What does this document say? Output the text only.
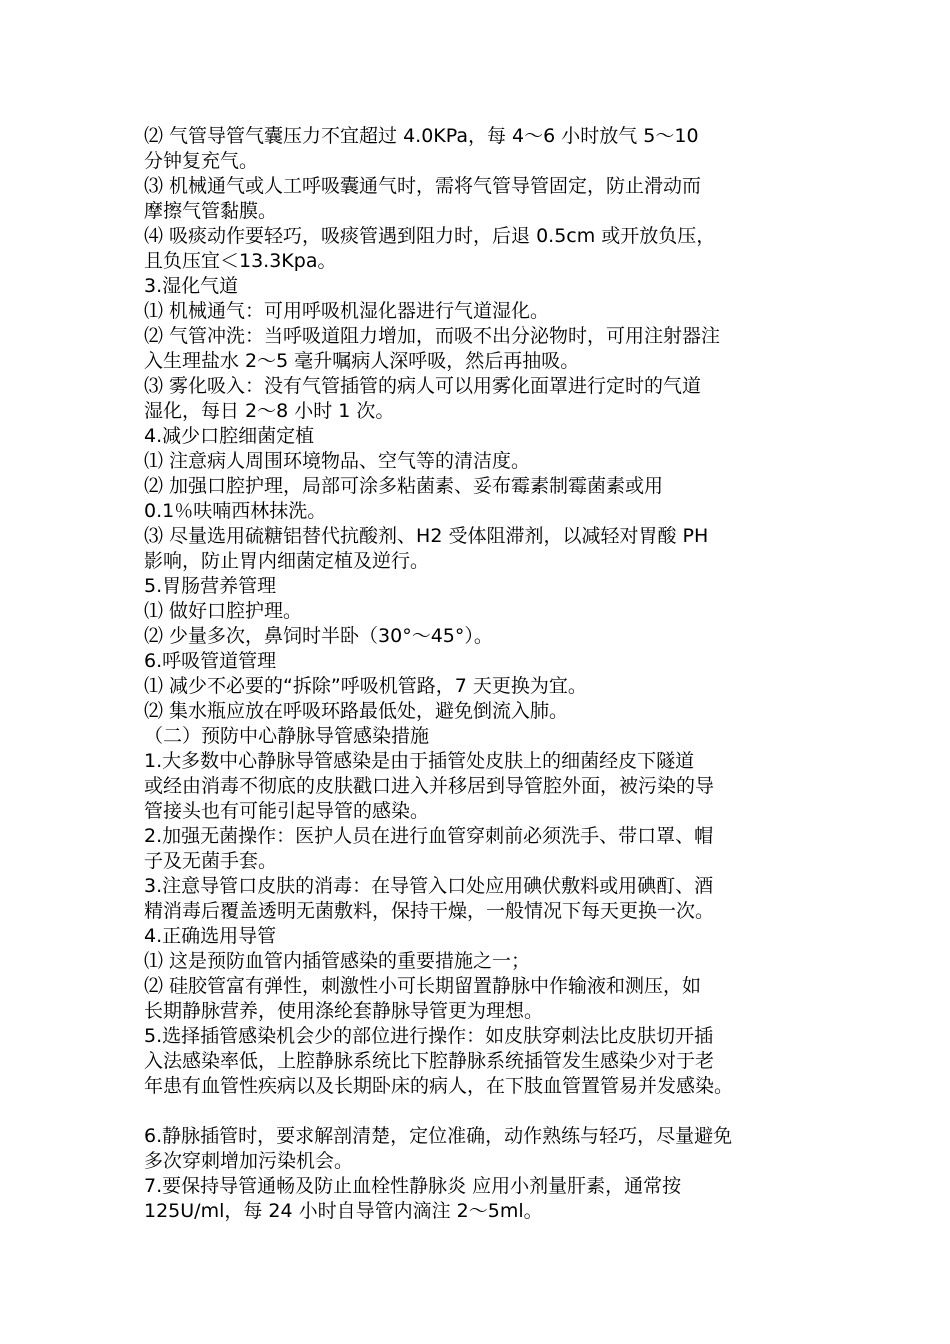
⑵ 气管导管气囊压力不宜超过 4.0KPa，每 4～6 小时放气 5～10
分钟复充气。
⑶ 机械通气或人工呼吸囊通气时，需将气管导管固定，防止滑动而
摩擦气管黏膜。
⑷ 吸痰动作要轻巧，吸痰管遇到阻力时，后退 0.5cm 或开放负压，
且负压宜＜13.3Kpa。
3.湿化气道
⑴ 机械通气：可用呼吸机湿化器进行气道湿化。
⑵ 气管冲洗：当呼吸道阻力增加，而吸不出分泌物时，可用注射器注
入生理盐水 2～5 毫升嘱病人深呼吸，然后再抽吸。
⑶ 雾化吸入：没有气管插管的病人可以用雾化面罩进行定时的气道
湿化，每日 2～8 小时 1 次。
4.减少口腔细菌定植
⑴ 注意病人周围环境物品、空气等的清洁度。
⑵ 加强口腔护理，局部可涂多粘菌素、妥布霉素制霉菌素或用
0.1％呋喃西林抹洗。
⑶ 尽量选用硫糖铝替代抗酸剂、H2 受体阻滞剂，以减轻对胃酸 PH
影响，防止胃内细菌定植及逆行。
5.胃肠营养管理
⑴ 做好口腔护理。
⑵ 少量多次，鼻饲时半卧（30°～45°）。
6.呼吸管道管理
⑴ 减少不必要的“拆除”呼吸机管路，7 天更换为宜。
⑵ 集水瓶应放在呼吸环路最低处，避免倒流入肺。
（二）预防中心静脉导管感染措施
1.大多数中心静脉导管感染是由于插管处皮肤上的细菌经皮下隧道
或经由消毒不彻底的皮肤戳口进入并移居到导管腔外面，被污染的导
管接头也有可能引起导管的感染。
2.加强无菌操作：医护人员在进行血管穿刺前必须洗手、带口罩、帽
子及无菌手套。
3.注意导管口皮肤的消毒：在导管入口处应用碘伏敷料或用碘酊、酒
精消毒后覆盖透明无菌敷料，保持干燥，一般情况下每天更换一次。
4.正确选用导管
⑴ 这是预防血管内插管感染的重要措施之一；
⑵ 硅胶管富有弹性，刺激性小可长期留置静脉中作输液和测压，如
长期静脉营养，使用涤纶套静脉导管更为理想。
5.选择插管感染机会少的部位进行操作：如皮肤穿刺法比皮肤切开插
入法感染率低，上腔静脉系统比下腔静脉系统插管发生感染少对于老
年患有血管性疾病以及长期卧床的病人，在下肢血管置管易并发感染。
6.静脉插管时，要求解剖清楚，定位准确，动作熟练与轻巧，尽量避免
多次穿刺增加污染机会。
7.要保持导管通畅及防止血栓性静脉炎 应用小剂量肝素，通常按
125U/ml，每 24 小时自导管内滴注 2～5ml。
